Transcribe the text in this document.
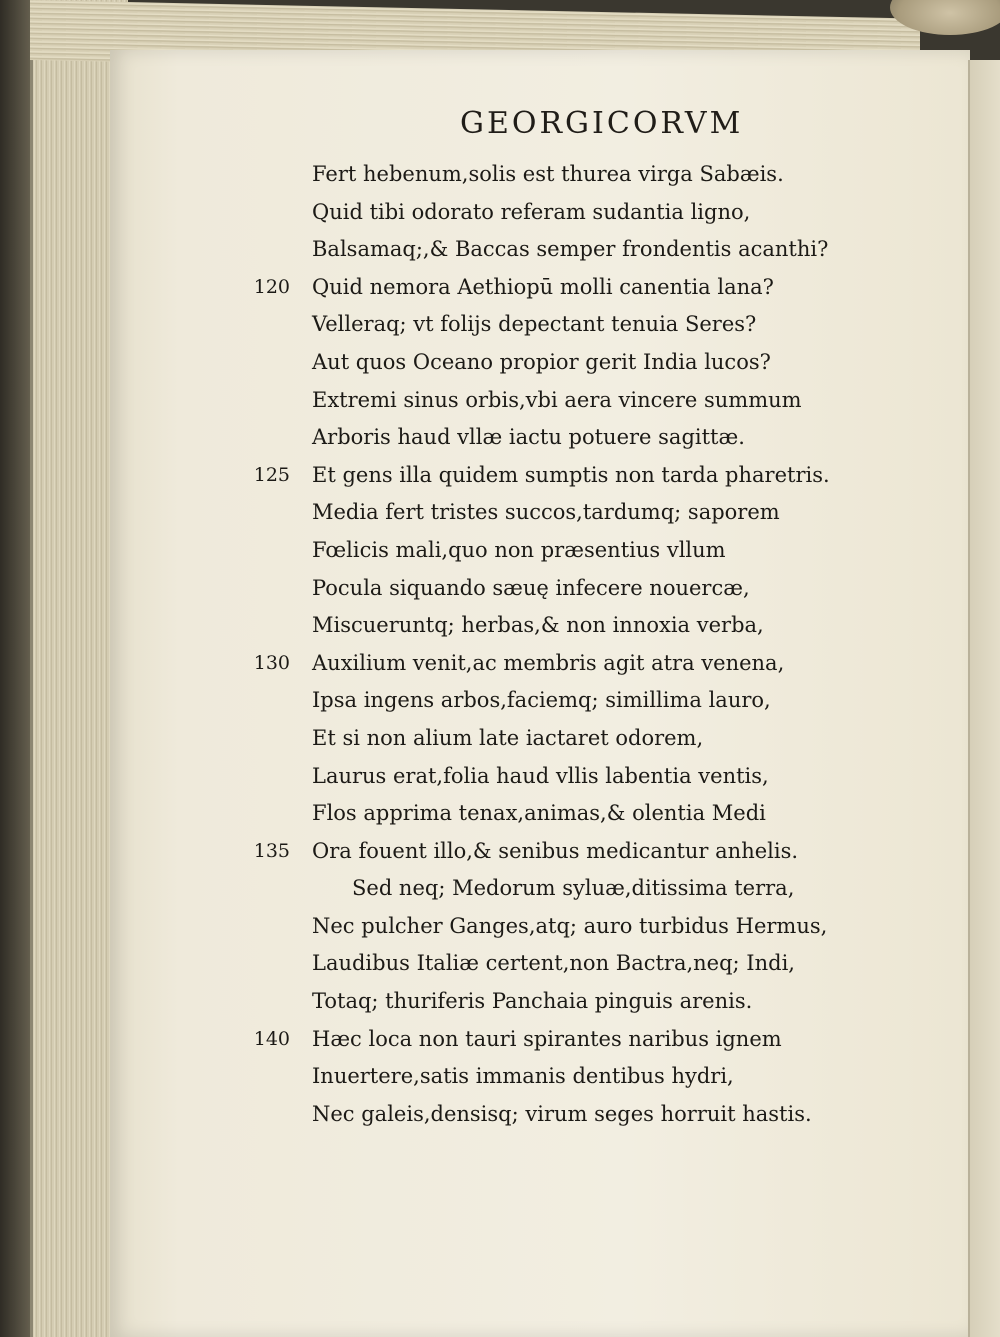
GEORGICORVM
Fert hebenum,solis est thurea virga Sabæis.
Quid tibi odorato referam sudantia ligno,
Balsamaq;,& Baccas semper frondentis acanthi?
120 Quid nemora Aethiopū molli canentia lana?
Velleraq; vt folijs depectant tenuia Seres?
Aut quos Oceano propior gerit India lucos?
Extremi sinus orbis,vbi aera vincere summum
Arboris haud vllæ iactu potuere sagittæ.
125 Et gens illa quidem sumptis non tarda pharetris.
Media fert tristes succos,tardumq; saporem
Fœlicis mali,quo non præsentius vllum
Pocula siquando sæuę infecere nouercæ,
Miscueruntq; herbas,& non innoxia verba,
130 Auxilium venit,ac membris agit atra venena,
Ipsa ingens arbos,faciemq; simillima lauro,
Et si non alium late iactaret odorem,
Laurus erat,folia haud vllis labentia ventis,
Flos apprima tenax,animas,& olentia Medi
135 Ora fouent illo,& senibus medicantur anhelis.
Sed neq; Medorum syluæ,ditissima terra,
Nec pulcher Ganges,atq; auro turbidus Hermus,
Laudibus Italiæ certent,non Bactra,neq; Indi,
Totaq; thuriferis Panchaia pinguis arenis.
140 Hæc loca non tauri spirantes naribus ignem
Inuertere,satis immanis dentibus hydri,
Nec galeis,densisq; virum seges horruit hastis.
